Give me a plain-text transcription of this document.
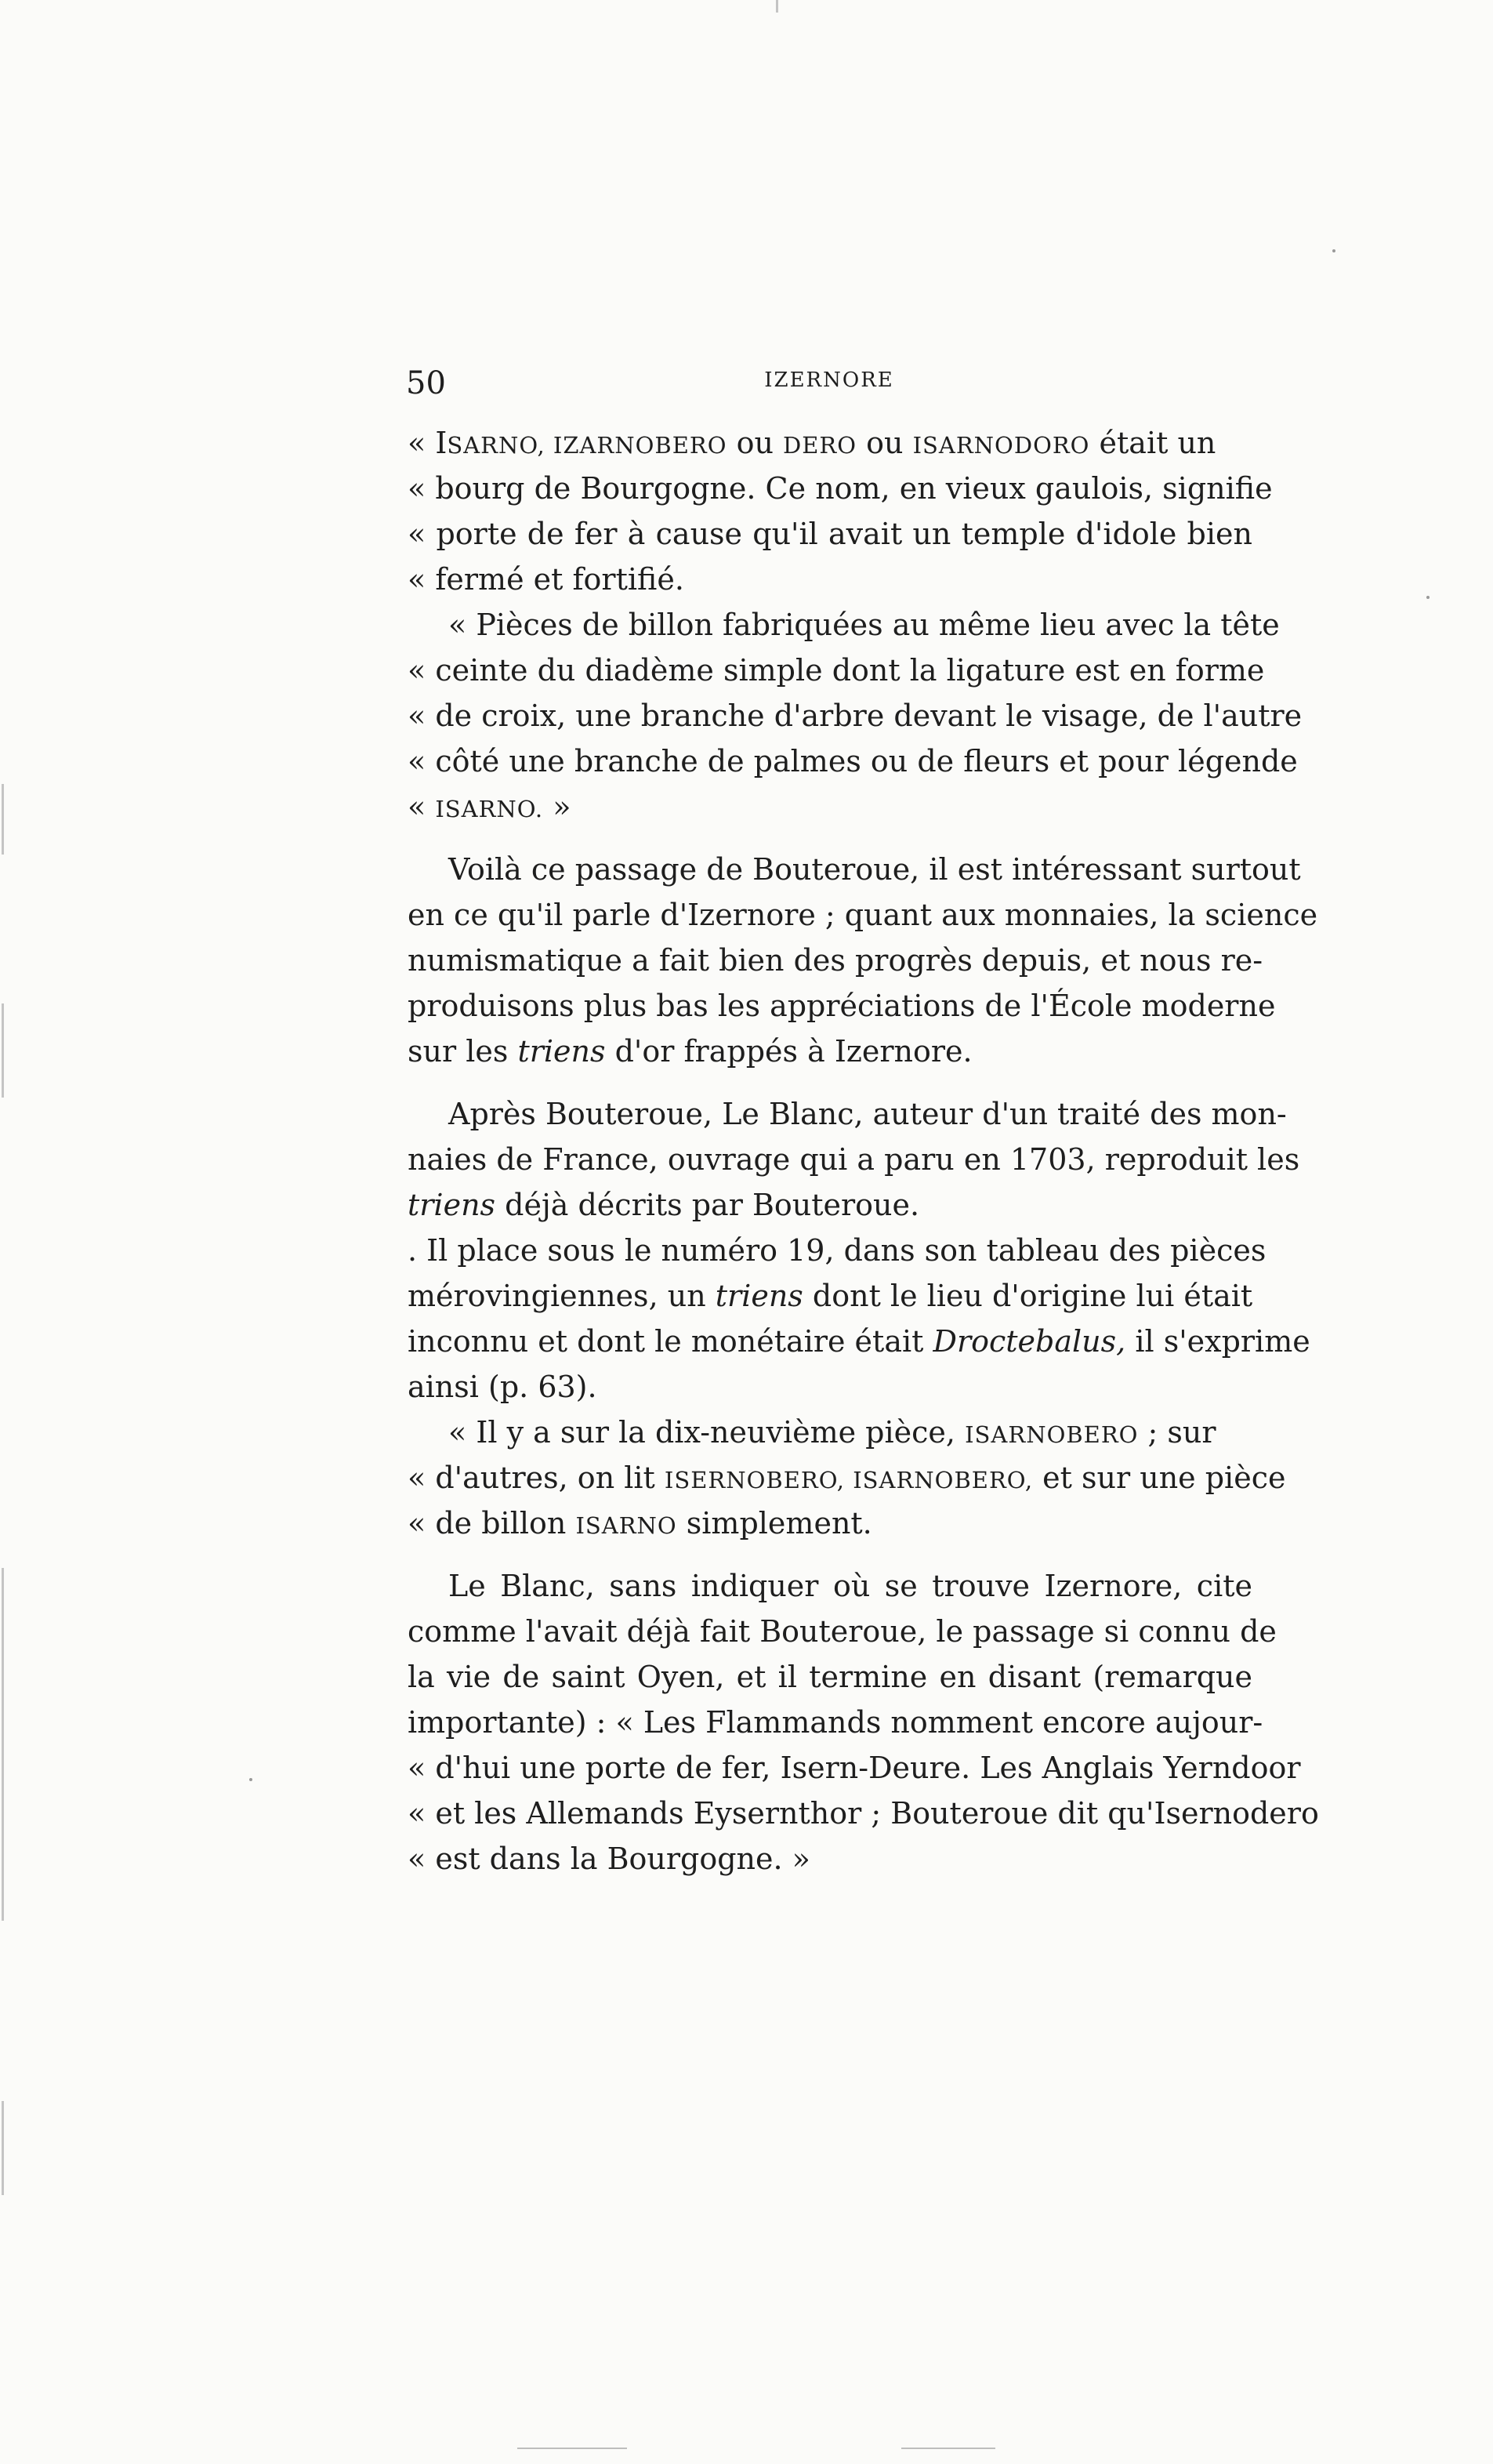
50	IZERNORE
« ISARNO, IZARNOBERO ou DERO ou ISARNODORO était un
« bourg de Bourgogne. Ce nom, en vieux gaulois, signifie
« porte de fer à cause qu'il avait un temple d'idole bien
« fermé et fortifié.
« Pièces de billon fabriquées au même lieu avec la tête
« ceinte du diadème simple dont la ligature est en forme
« de croix, une branche d'arbre devant le visage, de l'autre
« côté une branche de palmes ou de fleurs et pour légende
« ISARNO. »
Voilà ce passage de Bouteroue, il est intéressant surtout
en ce qu'il parle d'Izernore ; quant aux monnaies, la science
numismatique a fait bien des progrès depuis, et nous re-
produisons plus bas les appréciations de l'École moderne
sur les triens d'or frappés à Izernore.
Après Bouteroue, Le Blanc, auteur d'un traité des mon-
naies de France, ouvrage qui a paru en 1703, reproduit les
triens déjà décrits par Bouteroue.
. Il place sous le numéro 19, dans son tableau des pièces
mérovingiennes, un triens dont le lieu d'origine lui était
inconnu et dont le monétaire était Droctebalus, il s'exprime
ainsi (p. 63).
« Il y a sur la dix-neuvième pièce, ISARNOBERO ; sur
« d'autres, on lit ISERNOBERO, ISARNOBERO, et sur une pièce
« de billon ISARNO simplement.
Le Blanc, sans indiquer où se trouve Izernore, cite
comme l'avait déjà fait Bouteroue, le passage si connu de
la vie de saint Oyen, et il termine en disant (remarque
importante) : « Les Flammands nomment encore aujour-
« d'hui une porte de fer, Isern-Deure. Les Anglais Yerndoor
« et les Allemands Eysernthor ; Bouteroue dit qu'Isernodero
« est dans la Bourgogne. »
